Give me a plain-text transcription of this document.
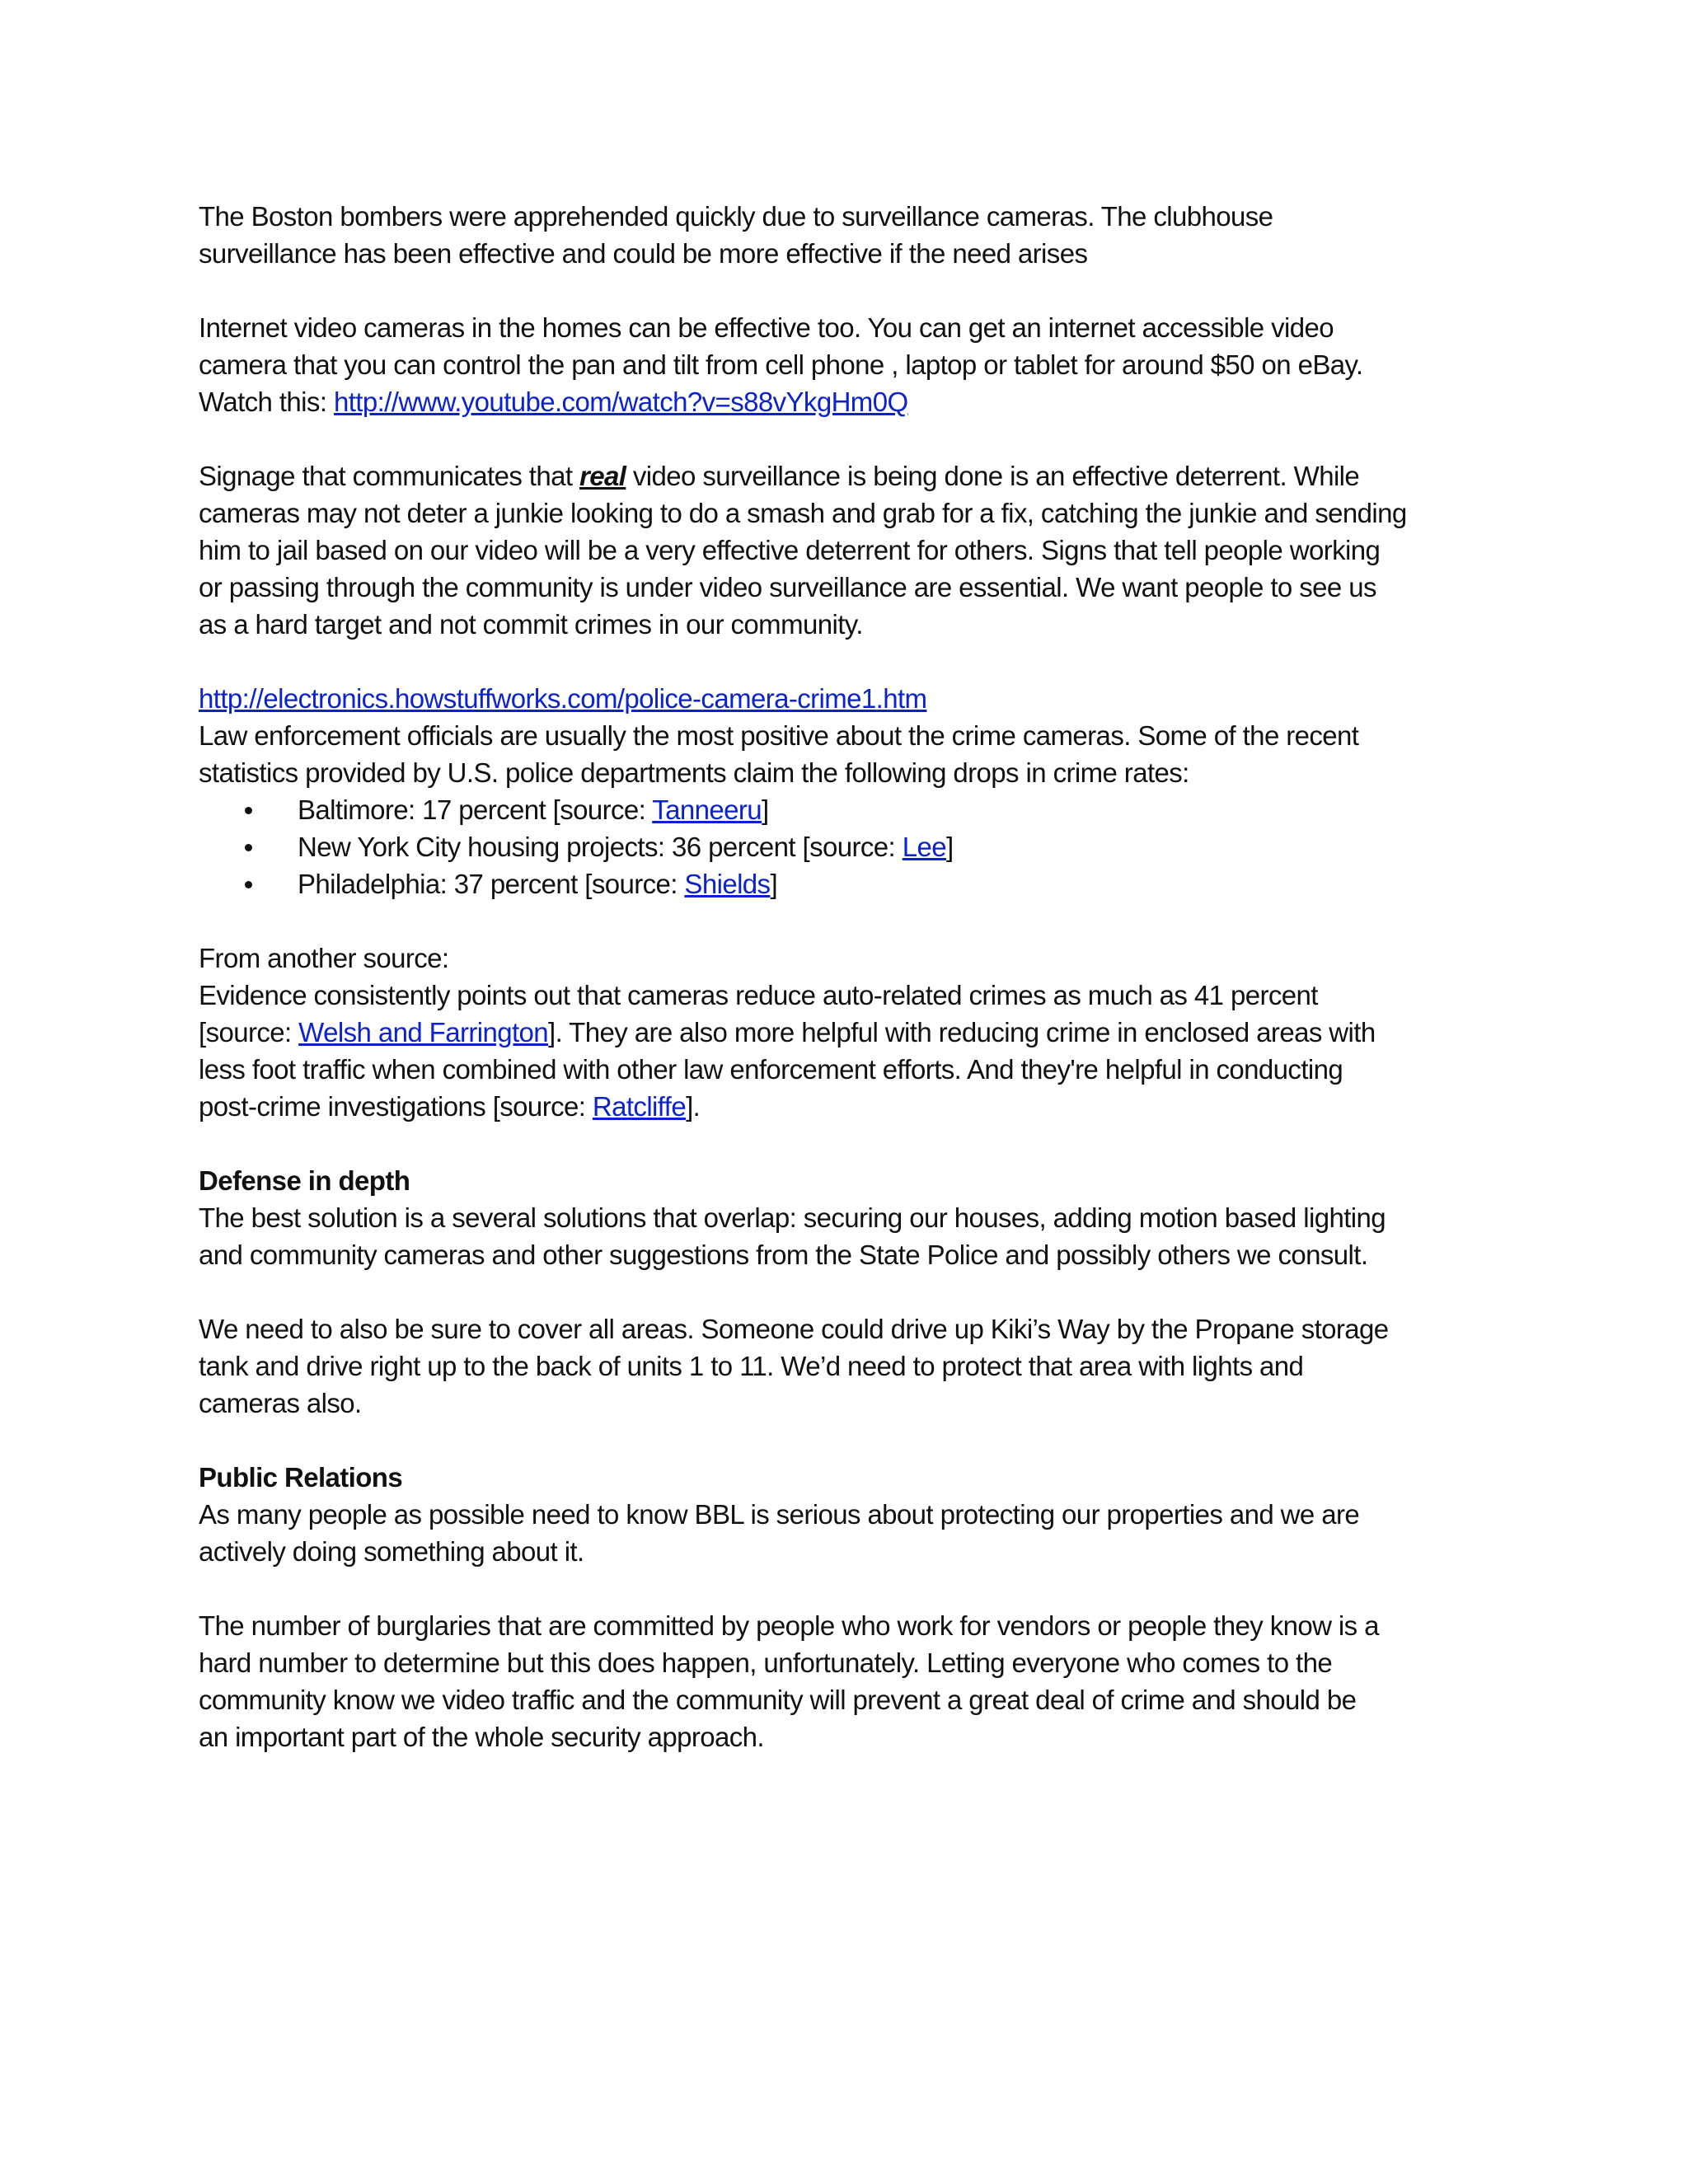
The Boston bombers were apprehended quickly due to surveillance cameras. The clubhouse
surveillance has been effective and could be more effective if the need arises

Internet video cameras in the homes can be effective too. You can get an internet accessible video
camera that you can control the pan and tilt from cell phone , laptop or tablet for around $50 on eBay.
Watch this: http://www.youtube.com/watch?v=s88vYkgHm0Q

Signage that communicates that real video surveillance is being done is an effective deterrent. While
cameras may not deter a junkie looking to do a smash and grab for a fix, catching the junkie and sending
him to jail based on our video will be a very effective deterrent for others. Signs that tell people working
or passing through the community is under video surveillance are essential. We want people to see us
as a hard target and not commit crimes in our community.

http://electronics.howstuffworks.com/police-camera-crime1.htm
Law enforcement officials are usually the most positive about the crime cameras. Some of the recent
statistics provided by U.S. police departments claim the following drops in crime rates:

Baltimore: 17 percent [source: Tanneeru]
New York City housing projects: 36 percent [source: Lee]
Philadelphia: 37 percent [source: Shields]

From another source:
Evidence consistently points out that cameras reduce auto-related crimes as much as 41 percent
[source: Welsh and Farrington]. They are also more helpful with reducing crime in enclosed areas with
less foot traffic when combined with other law enforcement efforts. And they're helpful in conducting
post-crime investigations [source: Ratcliffe].

Defense in depth
The best solution is a several solutions that overlap: securing our houses, adding motion based lighting
and community cameras and other suggestions from the State Police and possibly others we consult.

We need to also be sure to cover all areas. Someone could drive up Kiki’s Way by the Propane storage
tank and drive right up to the back of units 1 to 11. We’d need to protect that area with lights and
cameras also.

Public Relations
As many people as possible need to know BBL is serious about protecting our properties and we are
actively doing something about it.

The number of burglaries that are committed by people who work for vendors or people they know is a
hard number to determine but this does happen, unfortunately. Letting everyone who comes to the
community know we video traffic and the community will prevent a great deal of crime and should be
an important part of the whole security approach.
